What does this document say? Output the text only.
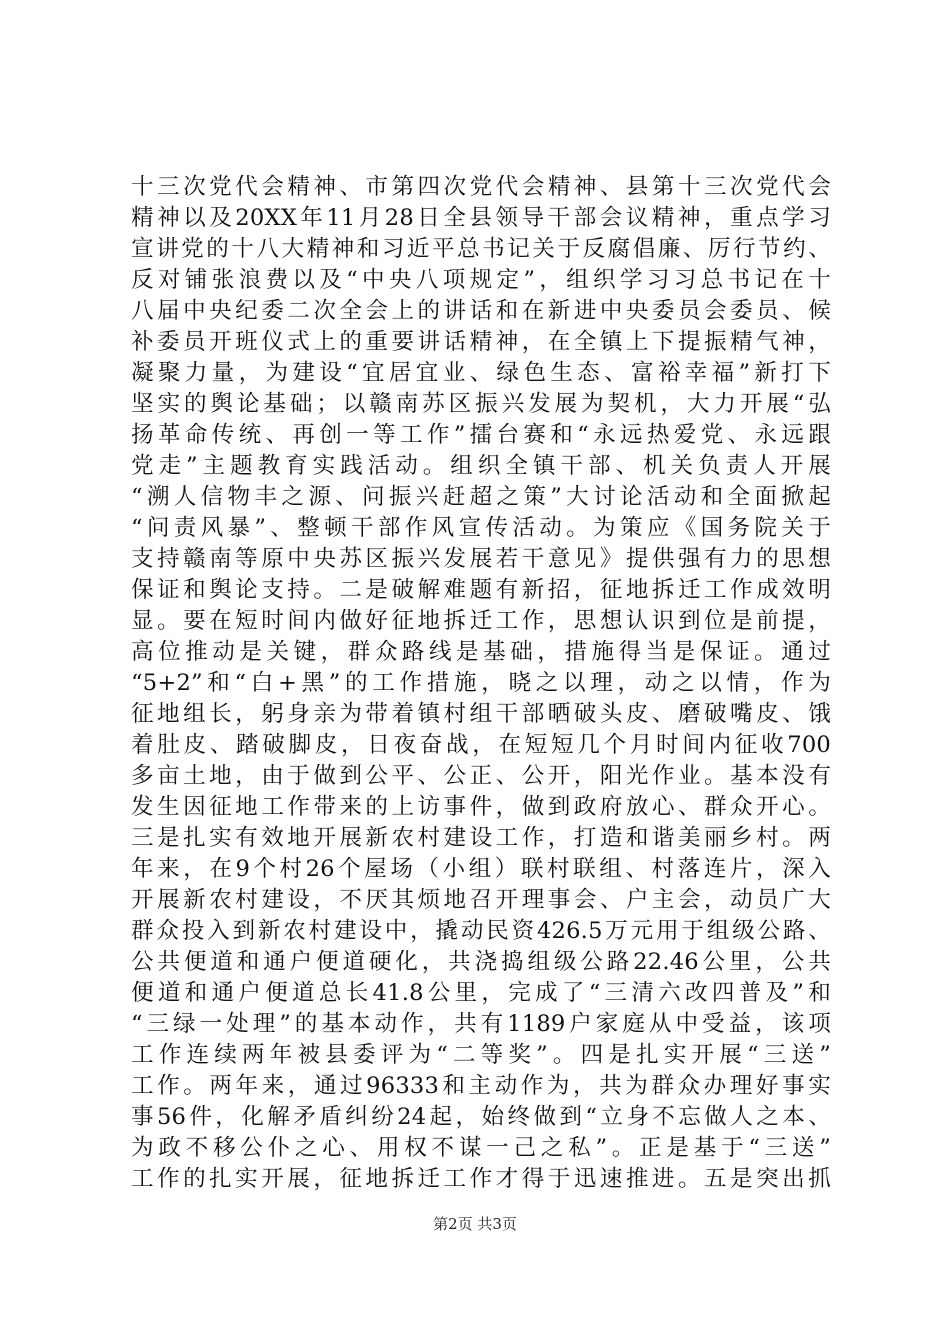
十三次党代会精神、市第四次党代会精神、县第十三次党代会
精神以及20XX年11月28日全县领导干部会议精神，重点学习
宣讲党的十八大精神和习近平总书记关于反腐倡廉、厉行节约、
反对铺张浪费以及“中央八项规定”，组织学习习总书记在十
八届中央纪委二次全会上的讲话和在新进中央委员会委员、候
补委员开班仪式上的重要讲话精神，在全镇上下提振精气神，
凝聚力量，为建设“宜居宜业、绿色生态、富裕幸福”新打下
坚实的舆论基础；以赣南苏区振兴发展为契机，大力开展“弘
扬革命传统、再创一等工作”擂台赛和“永远热爱党、永远跟
党走”主题教育实践活动。组织全镇干部、机关负责人开展
“溯人信物丰之源、问振兴赶超之策”大讨论活动和全面掀起
“问责风暴”、整顿干部作风宣传活动。为策应《国务院关于
支持赣南等原中央苏区振兴发展若干意见》提供强有力的思想
保证和舆论支持。二是破解难题有新招，征地拆迁工作成效明
显。要在短时间内做好征地拆迁工作，思想认识到位是前提，
高位推动是关键，群众路线是基础，措施得当是保证。通过
“5+2”和“白+黑”的工作措施，晓之以理，动之以情，作为
征地组长，躬身亲为带着镇村组干部晒破头皮、磨破嘴皮、饿
着肚皮、踏破脚皮，日夜奋战，在短短几个月时间内征收700
多亩土地，由于做到公平、公正、公开，阳光作业。基本没有
发生因征地工作带来的上访事件，做到政府放心、群众开心。
三是扎实有效地开展新农村建设工作，打造和谐美丽乡村。两
年来，在9个村26个屋场（小组）联村联组、村落连片，深入
开展新农村建设，不厌其烦地召开理事会、户主会，动员广大
群众投入到新农村建设中，撬动民资426.5万元用于组级公路、
公共便道和通户便道硬化，共浇捣组级公路22.46公里，公共
便道和通户便道总长41.8公里，完成了“三清六改四普及”和
“三绿一处理”的基本动作，共有1189户家庭从中受益，该项
工作连续两年被县委评为“二等奖”。四是扎实开展“三送”
工作。两年来，通过96333和主动作为，共为群众办理好事实
事56件，化解矛盾纠纷24起，始终做到“立身不忘做人之本、
为政不移公仆之心、用权不谋一己之私”。正是基于“三送”
工作的扎实开展，征地拆迁工作才得于迅速推进。五是突出抓
第2页 共3页
